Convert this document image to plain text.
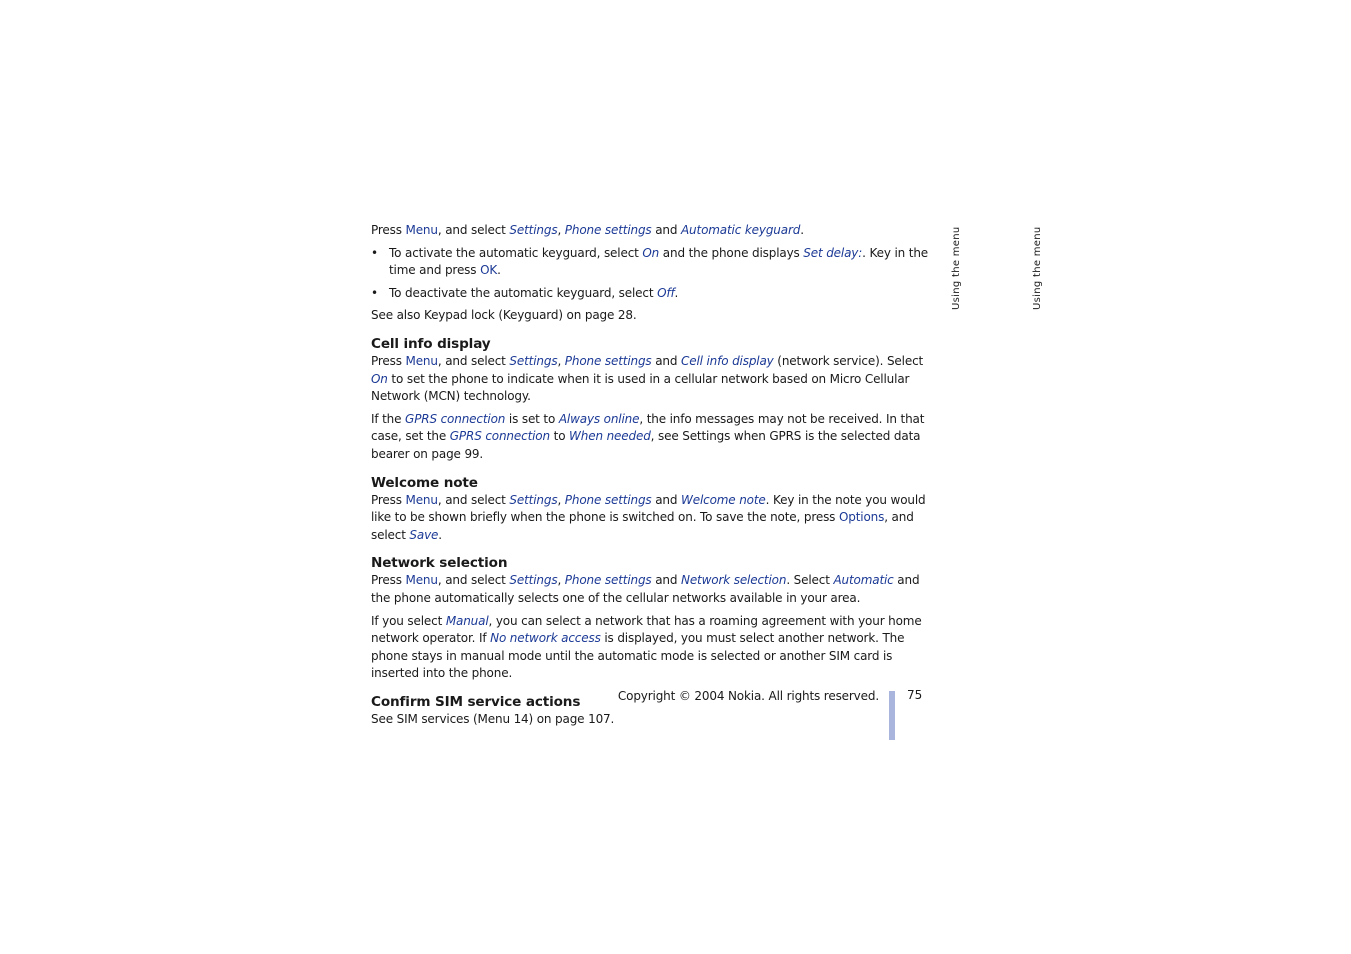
Press Menu, and select Settings, Phone settings and Automatic keyguard.

• To activate the automatic keyguard, select On and the phone displays Set delay:. Key in the time and press OK.
• To deactivate the automatic keyguard, select Off.

See also Keypad lock (Keyguard) on page 28.

Cell info display

Press Menu, and select Settings, Phone settings and Cell info display (network service). Select On to set the phone to indicate when it is used in a cellular network based on Micro Cellular Network (MCN) technology.

If the GPRS connection is set to Always online, the info messages may not be received. In that case, set the GPRS connection to When needed, see Settings when GPRS is the selected data bearer on page 99.

Welcome note

Press Menu, and select Settings, Phone settings and Welcome note. Key in the note you would like to be shown briefly when the phone is switched on. To save the note, press Options, and select Save.

Network selection

Press Menu, and select Settings, Phone settings and Network selection. Select Automatic and the phone automatically selects one of the cellular networks available in your area.

If you select Manual, you can select a network that has a roaming agreement with your home network operator. If No network access is displayed, you must select another network. The phone stays in manual mode until the automatic mode is selected or another SIM card is inserted into the phone.

Confirm SIM service actions

See SIM services (Menu 14) on page 107.

Copyright © 2004 Nokia. All rights reserved. 75
Using the menu	Using the menu
